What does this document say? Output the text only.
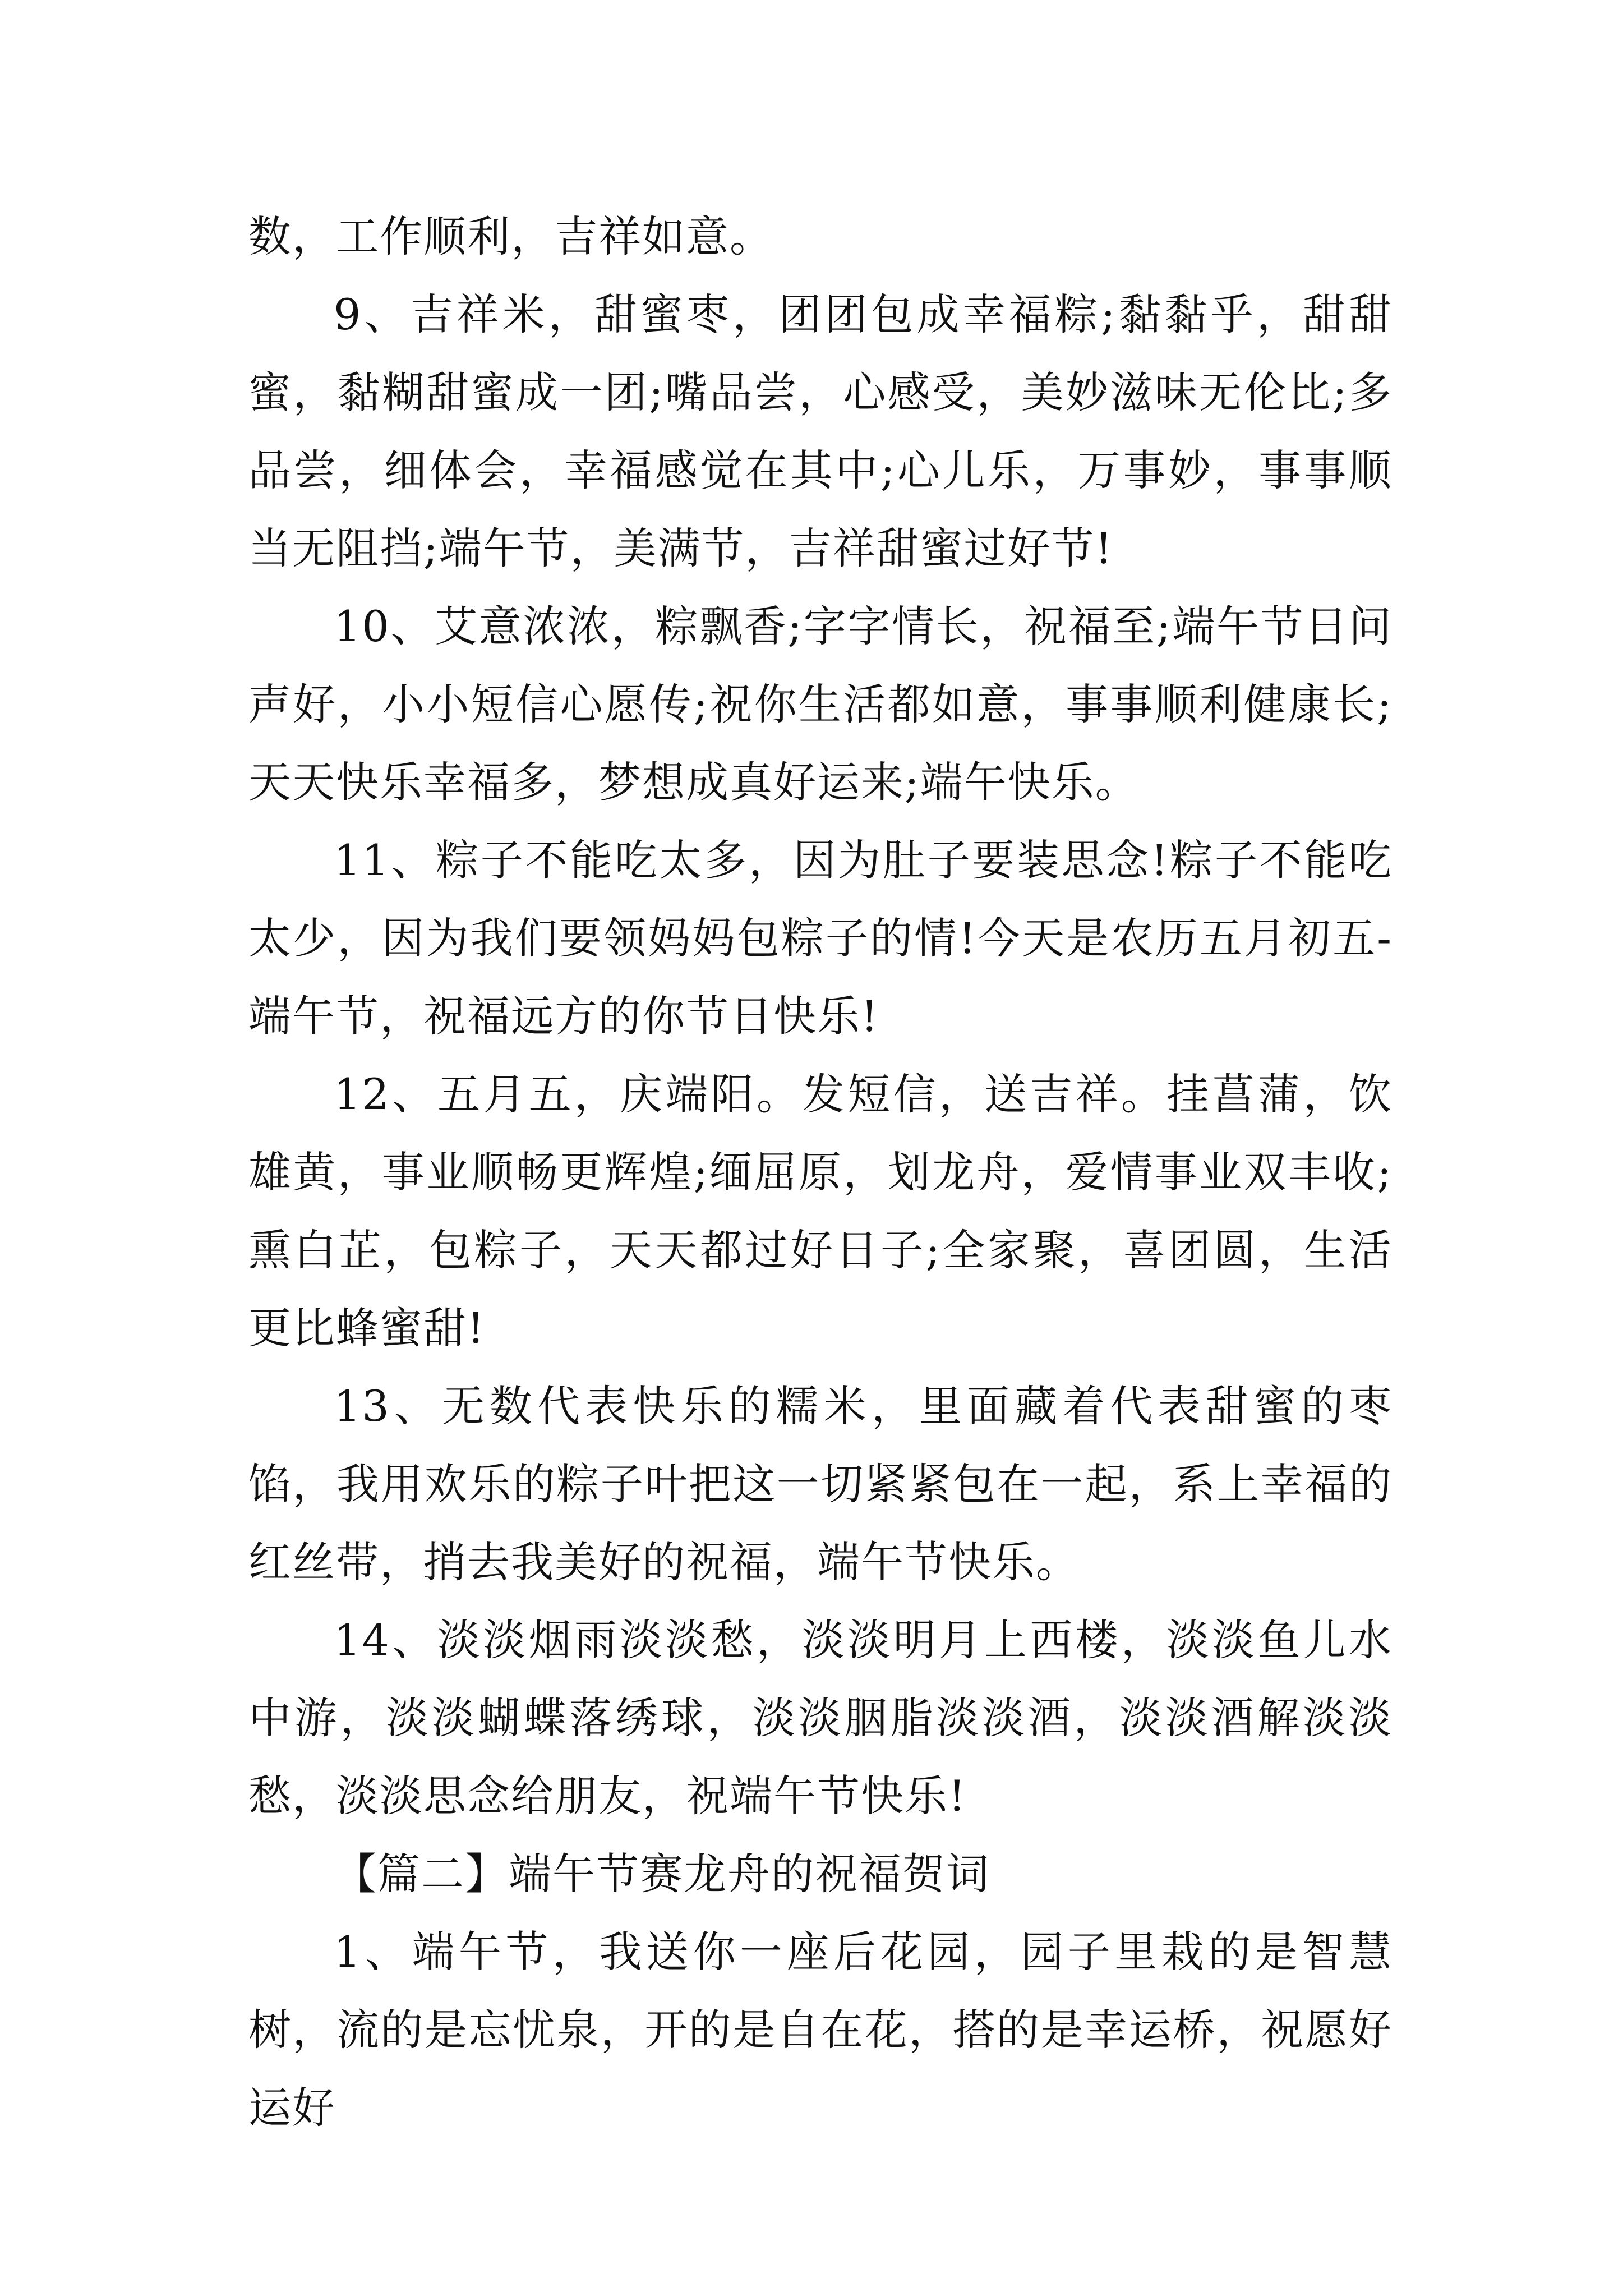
数，工作顺利，吉祥如意。

9、吉祥米，甜蜜枣，团团包成幸福粽;黏黏乎，甜甜蜜，黏糊甜蜜成一团;嘴品尝，心感受，美妙滋味无伦比;多品尝，细体会，幸福感觉在其中;心儿乐，万事妙，事事顺当无阻挡;端午节，美满节，吉祥甜蜜过好节!

10、艾意浓浓，粽飘香;字字情长，祝福至;端午节日问声好，小小短信心愿传;祝你生活都如意，事事顺利健康长;天天快乐幸福多，梦想成真好运来;端午快乐。

11、粽子不能吃太多，因为肚子要装思念!粽子不能吃太少，因为我们要领妈妈包粽子的情!今天是农历五月初五-端午节，祝福远方的你节日快乐!

12、五月五，庆端阳。发短信，送吉祥。挂菖蒲，饮雄黄，事业顺畅更辉煌;缅屈原，划龙舟，爱情事业双丰收;熏白芷，包粽子，天天都过好日子;全家聚，喜团圆，生活更比蜂蜜甜!

13、无数代表快乐的糯米，里面藏着代表甜蜜的枣馅，我用欢乐的粽子叶把这一切紧紧包在一起，系上幸福的红丝带，捎去我美好的祝福，端午节快乐。

14、淡淡烟雨淡淡愁，淡淡明月上西楼，淡淡鱼儿水中游，淡淡蝴蝶落绣球，淡淡胭脂淡淡酒，淡淡酒解淡淡愁，淡淡思念给朋友，祝端午节快乐!

【篇二】端午节赛龙舟的祝福贺词

1、端午节，我送你一座后花园，园子里栽的是智慧树，流的是忘忧泉，开的是自在花，搭的是幸运桥，祝愿好运好
